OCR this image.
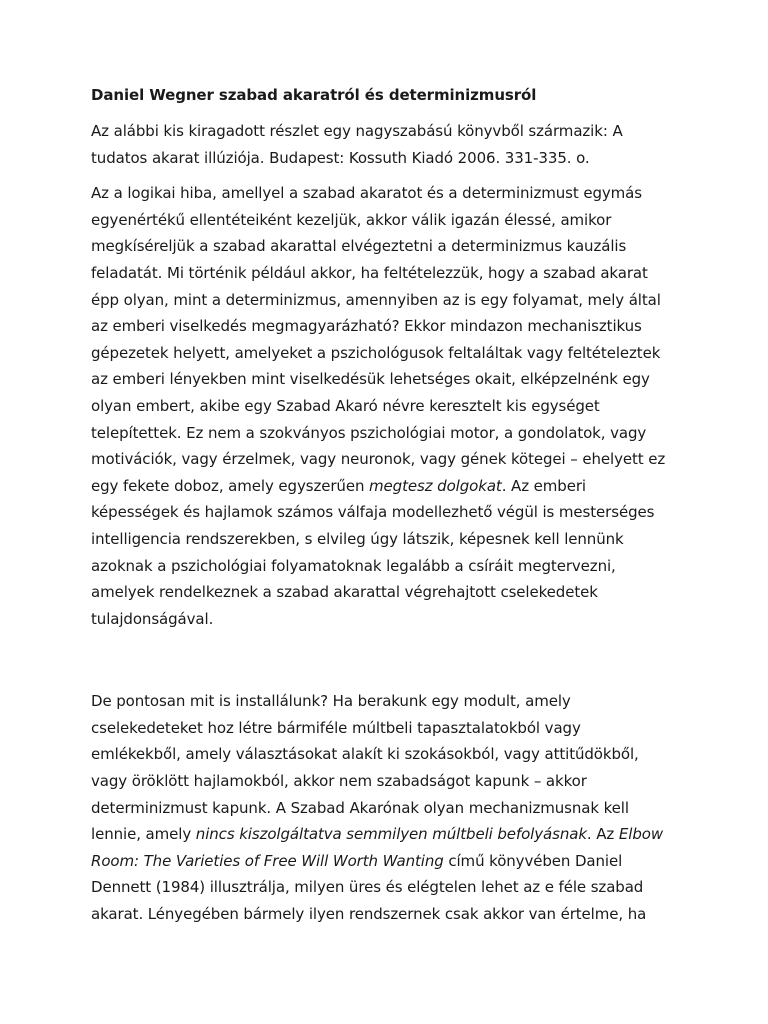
Daniel Wegner szabad akaratról és determinizmusról

Az alábbi kis kiragadott részlet egy nagyszabású könyvből származik: A
tudatos akarat illúziója. Budapest: Kossuth Kiadó 2006. 331-335. o.

Az a logikai hiba, amellyel a szabad akaratot és a determinizmust egymás
egyenértékű ellentéteiként kezeljük, akkor válik igazán élessé, amikor
megkíséreljük a szabad akarattal elvégeztetni a determinizmus kauzális
feladatát. Mi történik például akkor, ha feltételezzük, hogy a szabad akarat
épp olyan, mint a determinizmus, amennyiben az is egy folyamat, mely által
az emberi viselkedés megmagyarázható? Ekkor mindazon mechanisztikus
gépezetek helyett, amelyeket a pszichológusok feltaláltak vagy feltételeztek
az emberi lényekben mint viselkedésük lehetséges okait, elképzelnénk egy
olyan embert, akibe egy Szabad Akaró névre keresztelt kis egységet
telepítettek. Ez nem a szokványos pszichológiai motor, a gondolatok, vagy
motivációk, vagy érzelmek, vagy neuronok, vagy gének kötegei – ehelyett ez
egy fekete doboz, amely egyszerűen megtesz dolgokat. Az emberi
képességek és hajlamok számos válfaja modellezhető végül is mesterséges
intelligencia rendszerekben, s elvileg úgy látszik, képesnek kell lennünk
azoknak a pszichológiai folyamatoknak legalább a csíráit megtervezni,
amelyek rendelkeznek a szabad akarattal végrehajtott cselekedetek
tulajdonságával.

De pontosan mit is installálunk? Ha berakunk egy modult, amely
cselekedeteket hoz létre bármiféle múltbeli tapasztalatokból vagy
emlékekből, amely választásokat alakít ki szokásokból, vagy attitűdökből,
vagy öröklött hajlamokból, akkor nem szabadságot kapunk – akkor
determinizmust kapunk. A Szabad Akarónak olyan mechanizmusnak kell
lennie, amely nincs kiszolgáltatva semmilyen múltbeli befolyásnak. Az Elbow
Room: The Varieties of Free Will Worth Wanting című könyvében Daniel
Dennett (1984) illusztrálja, milyen üres és elégtelen lehet az e féle szabad
akarat. Lényegében bármely ilyen rendszernek csak akkor van értelme, ha
